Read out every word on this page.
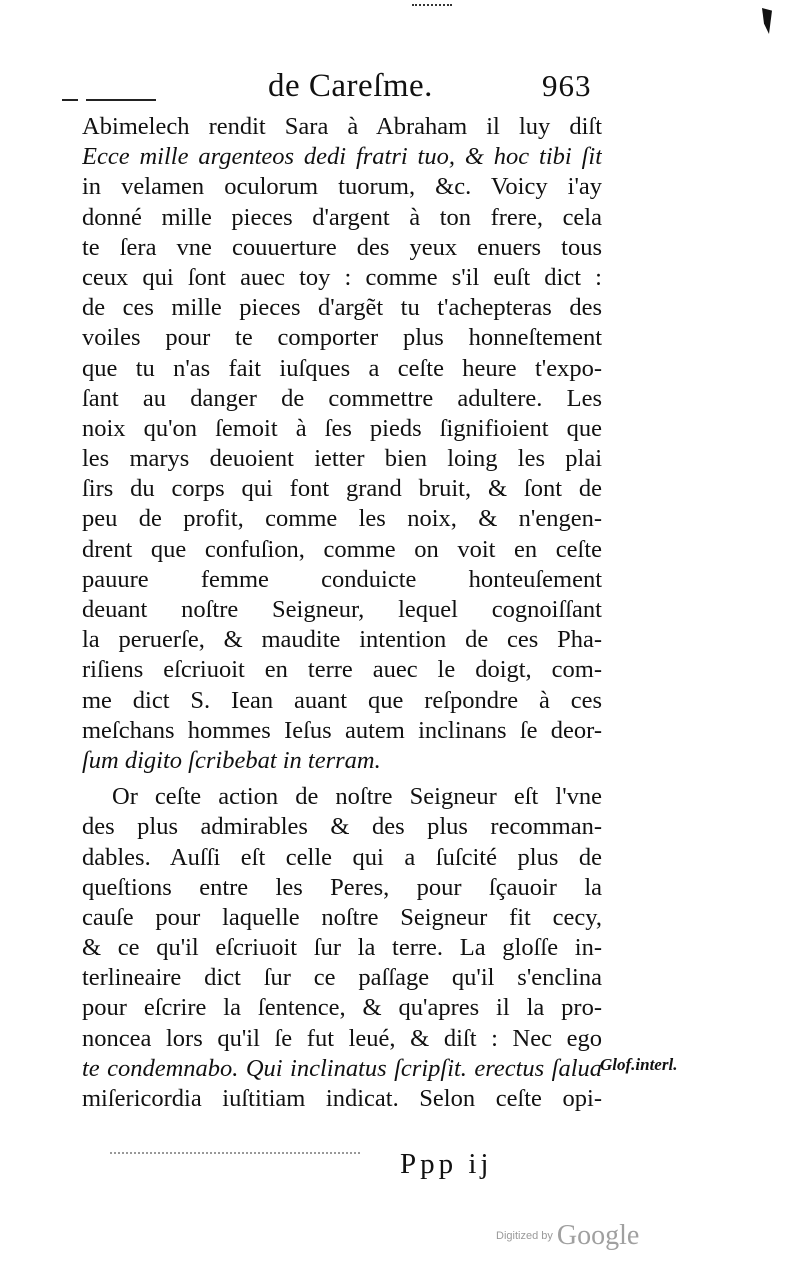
de Careſme.	963
Abimelech rendit Sara à Abraham il luy diſt
Ecce mille argenteos dedi fratri tuo, & hoc tibi ſit
in velamen oculorum tuorum, &c. Voicy i'ay
donné mille pieces d'argent à ton frere, cela
te ſera vne couuerture des yeux enuers tous
ceux qui ſont auec toy : comme s'il euſt dict :
de ces mille pieces d'argẽt tu t'achepteras des
voiles pour te comporter plus honneſtement
que tu n'as fait iuſques a ceſte heure t'expo-
ſant au danger de commettre adultere. Les
noix qu'on ſemoit à ſes pieds ſignifioient que
les marys deuoient ietter bien loing les plai
ſirs du corps qui font grand bruit, & ſont de
peu de profit, comme les noix, & n'engen-
drent que confuſion, comme on voit en ceſte
pauure femme conduicte honteuſement
deuant noſtre Seigneur, lequel cognoiſſant
la peruerſe, & maudite intention de ces Pha-
riſiens eſcriuoit en terre auec le doigt, com-
me dict S. Iean auant que reſpondre à ces
meſchans hommes Ieſus autem inclinans ſe deor-
ſum digito ſcribebat in terram.
Or ceſte action de noſtre Seigneur eſt l'vne
des plus admirables & des plus recomman-
dables. Auſſi eſt celle qui a ſuſcité plus de
queſtions entre les Peres, pour ſçauoir la
cauſe pour laquelle noſtre Seigneur fit cecy,
& ce qu'il eſcriuoit ſur la terre. La gloſſe in-
terlineaire dict ſur ce paſſage qu'il s'enclina
pour eſcrire la ſentence, & qu'apres il la pro-
noncea lors qu'il ſe fut leué, & diſt : Nec ego
te condemnabo. Qui inclinatus ſcripſit. erectus ſalua
miſericordia iuſtitiam indicat. Selon ceſte opi-
Glof.interl.
Ppp ij
Digitized by Google
